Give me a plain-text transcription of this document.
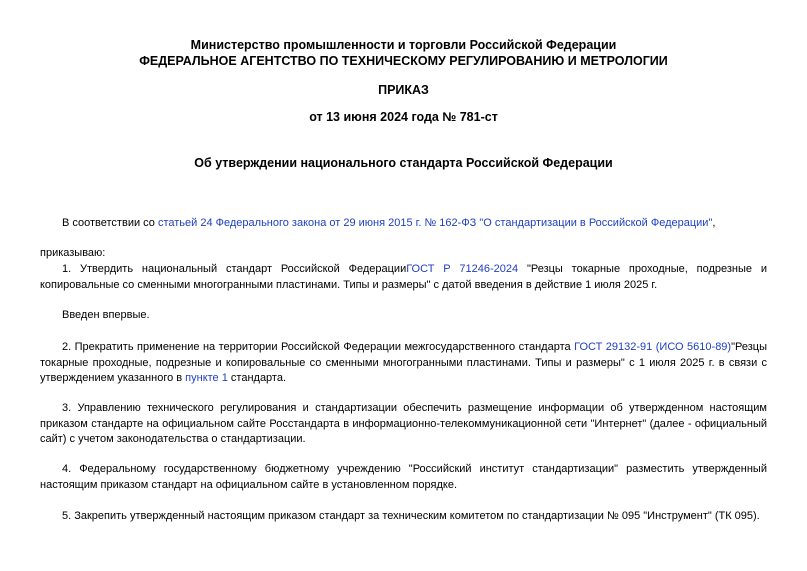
Министерство промышленности и торговли Российской Федерации
ФЕДЕРАЛЬНОЕ АГЕНТСТВО ПО ТЕХНИЧЕСКОМУ РЕГУЛИРОВАНИЮ И МЕТРОЛОГИИ
ПРИКАЗ
от 13 июня 2024 года № 781-ст
Об утверждении национального стандарта Российской Федерации
В соответствии со статьей 24 Федерального закона от 29 июня 2015 г. № 162-ФЗ "О стандартизации в Российской Федерации",
приказываю:
1. Утвердить национальный стандарт Российской ФедерацииГОСТ Р 71246-2024 "Резцы токарные проходные, подрезные и копировальные со сменными многогранными пластинами. Типы и размеры" с датой введения в действие 1 июля 2025 г.
Введен впервые.
2. Прекратить применение на территории Российской Федерации межгосударственного стандарта ГОСТ 29132-91 (ИСО 5610-89)"Резцы токарные проходные, подрезные и копировальные со сменными многогранными пластинами. Типы и размеры" с 1 июля 2025 г. в связи с утверждением указанного в пункте 1 стандарта.
3. Управлению технического регулирования и стандартизации обеспечить размещение информации об утвержденном настоящим приказом стандарте на официальном сайте Росстандарта в информационно-телекоммуникационной сети "Интернет" (далее - официальный сайт) с учетом законодательства о стандартизации.
4. Федеральному государственному бюджетному учреждению "Российский институт стандартизации" разместить утвержденный настоящим приказом стандарт на официальном сайте в установленном порядке.
5. Закрепить утвержденный настоящим приказом стандарт за техническим комитетом по стандартизации № 095 "Инструмент" (ТК 095).
